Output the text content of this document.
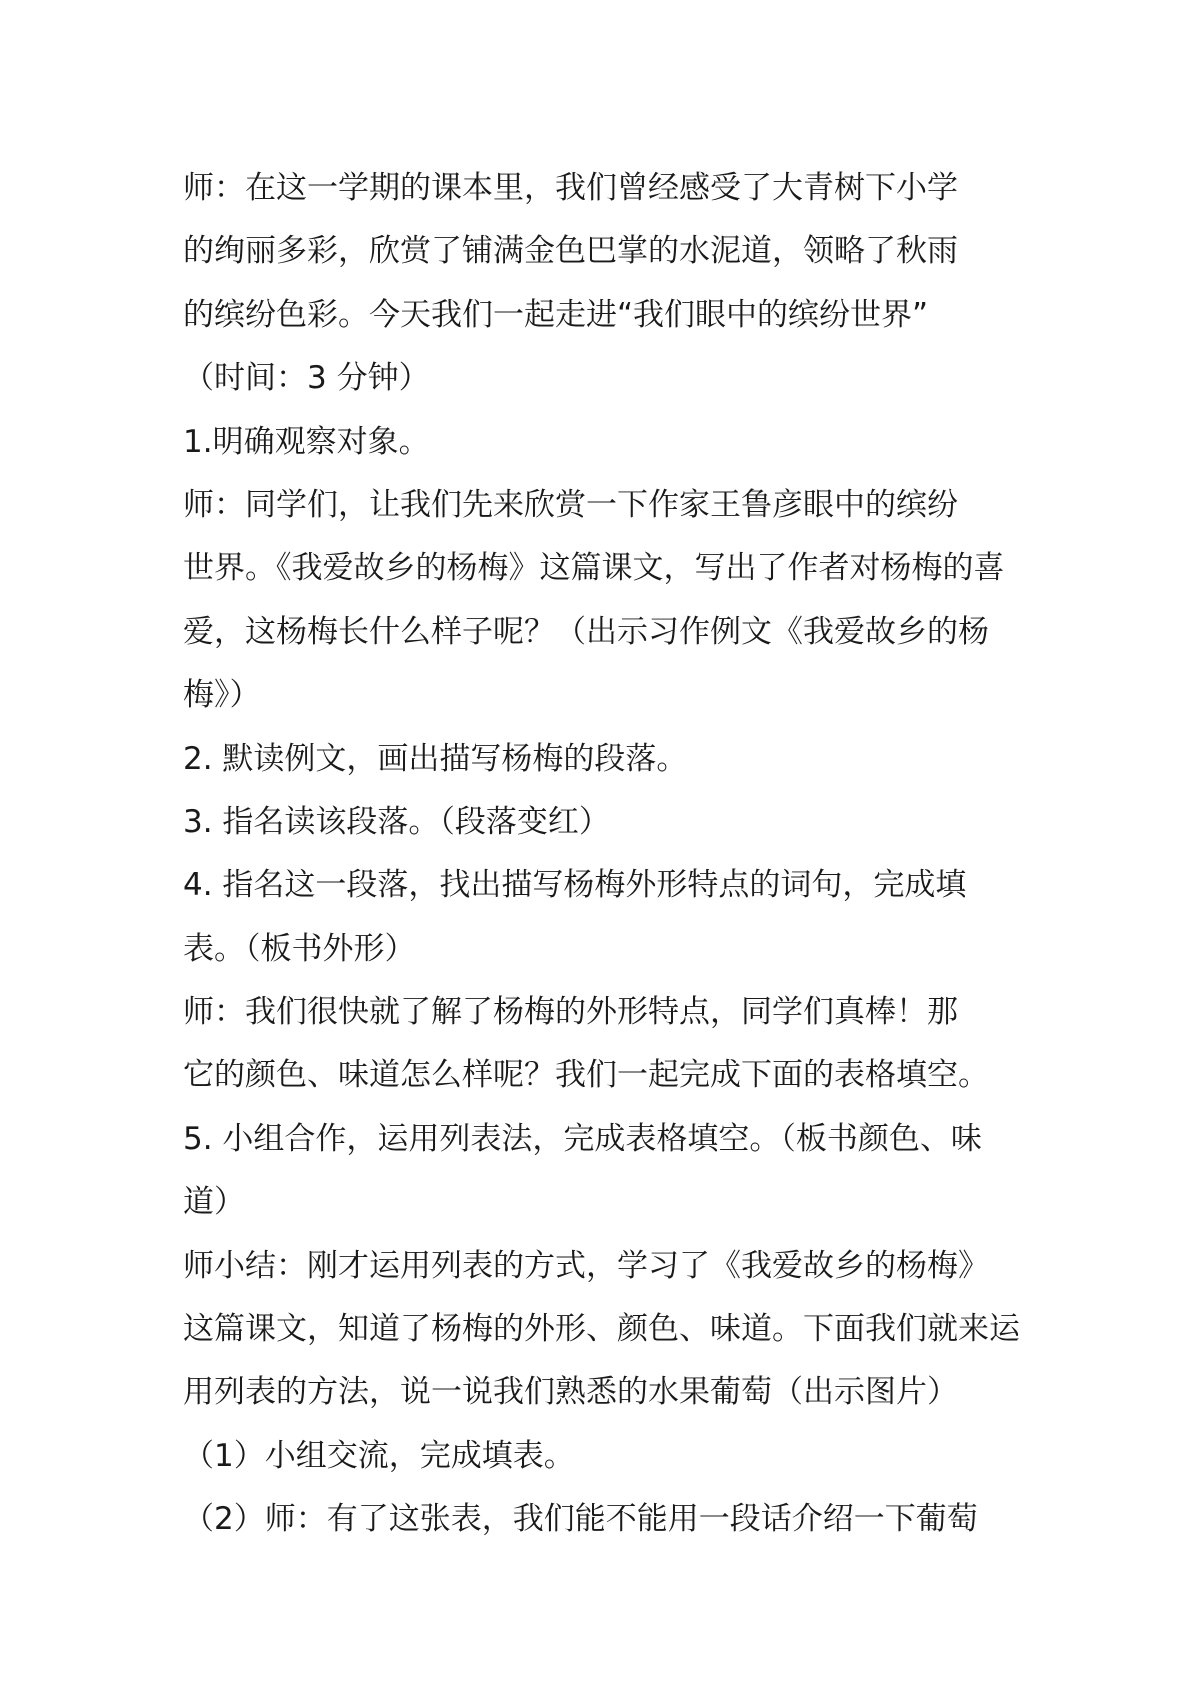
师：在这一学期的课本里，我们曾经感受了大青树下小学
的绚丽多彩，欣赏了铺满金色巴掌的水泥道，领略了秋雨
的缤纷色彩。今天我们一起走进“我们眼中的缤纷世界”
（时间：3 分钟）
1.明确观察对象。
师：同学们，让我们先来欣赏一下作家王鲁彦眼中的缤纷
世界。《我爱故乡的杨梅》这篇课文，写出了作者对杨梅的喜
爱，这杨梅长什么样子呢？（出示习作例文《我爱故乡的杨
梅》）
2. 默读例文，画出描写杨梅的段落。
3. 指名读该段落。（段落变红）
4. 指名这一段落，找出描写杨梅外形特点的词句，完成填
表。（板书外形）
师：我们很快就了解了杨梅的外形特点，同学们真棒！那
它的颜色、味道怎么样呢？我们一起完成下面的表格填空。
5. 小组合作，运用列表法，完成表格填空。（板书颜色、味
道）
师小结：刚才运用列表的方式，学习了《我爱故乡的杨梅》
这篇课文，知道了杨梅的外形、颜色、味道。下面我们就来运
用列表的方法，说一说我们熟悉的水果葡萄（出示图片）
（1）小组交流，完成填表。
（2）师：有了这张表，我们能不能用一段话介绍一下葡萄
